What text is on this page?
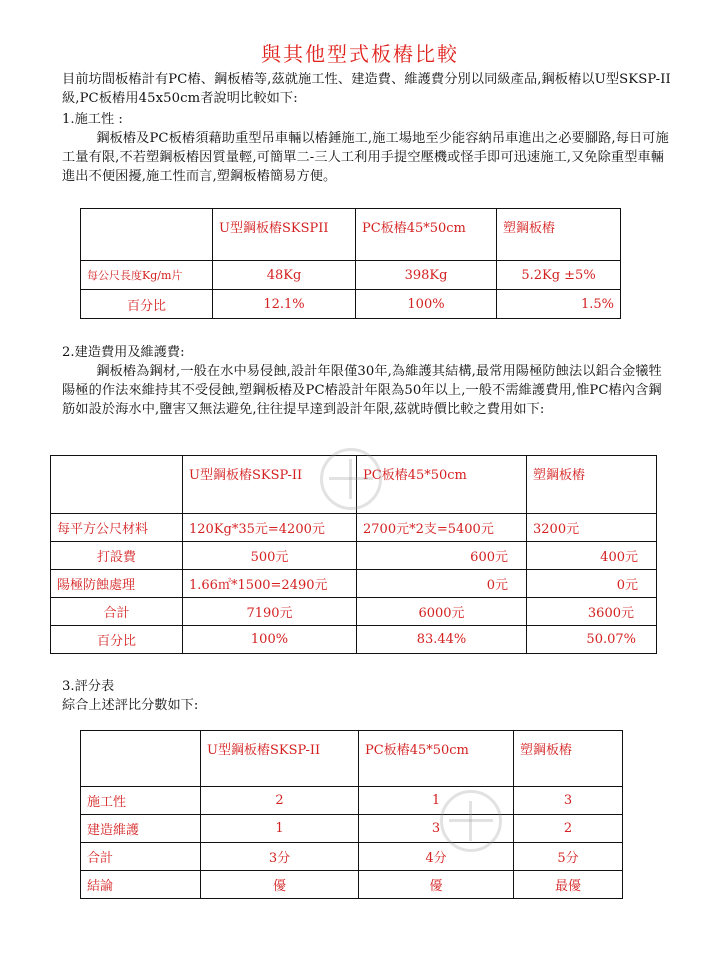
與其他型式板樁比較

目前坊間板樁計有PC樁、鋼板樁等,茲就施工性、建造費、維護費分別以同級產品,鋼板樁以U型SKSP-II級,PC板樁用45x50cm者說明比較如下:

1.施工性 :

鋼板樁及PC板樁須藉助重型吊車輛以樁錘施工,施工場地至少能容納吊車進出之必要腳路,每日可施工量有限,不若塑鋼板樁因質量輕,可簡單二-三人工利用手提空壓機或怪手即可迅速施工,又免除重型車輛進出不便困擾,施工性而言,塑鋼板樁簡易方便。

	U型鋼板樁SKSPII	PC板樁45*50cm	塑鋼板樁
每公尺長度Kg/m片	48Kg	398Kg	5.2Kg ±5%
百分比	12.1%	100%	1.5%

2.建造費用及維護費:

鋼板樁為鋼材,一般在水中易侵蝕,設計年限僅30年,為維護其結構,最常用陽極防蝕法以鋁合金犧牲陽極的作法來維持其不受侵蝕,塑鋼板樁及PC樁設計年限為50年以上,一般不需維護費用,惟PC樁內含鋼筋如設於海水中,鹽害又無法避免,往往提早達到設計年限,茲就時價比較之費用如下:

	U型鋼板樁SKSP-II	PC板樁45*50cm	塑鋼板樁
每平方公尺材料	120Kg*35元=4200元	2700元*2支=5400元	3200元
打設費	500元	600元	400元
陽極防蝕處理	1.66㎡*1500=2490元	0元	0元
合計	7190元	6000元	3600元
百分比	100%	83.44%	50.07%

3.評分表

綜合上述評比分數如下:

	U型鋼板樁SKSP-II	PC板樁45*50cm	塑鋼板樁
施工性	2	1	3
建造維護	1	3	2
合計	3分	4分	5分
結論	優	優	最優
